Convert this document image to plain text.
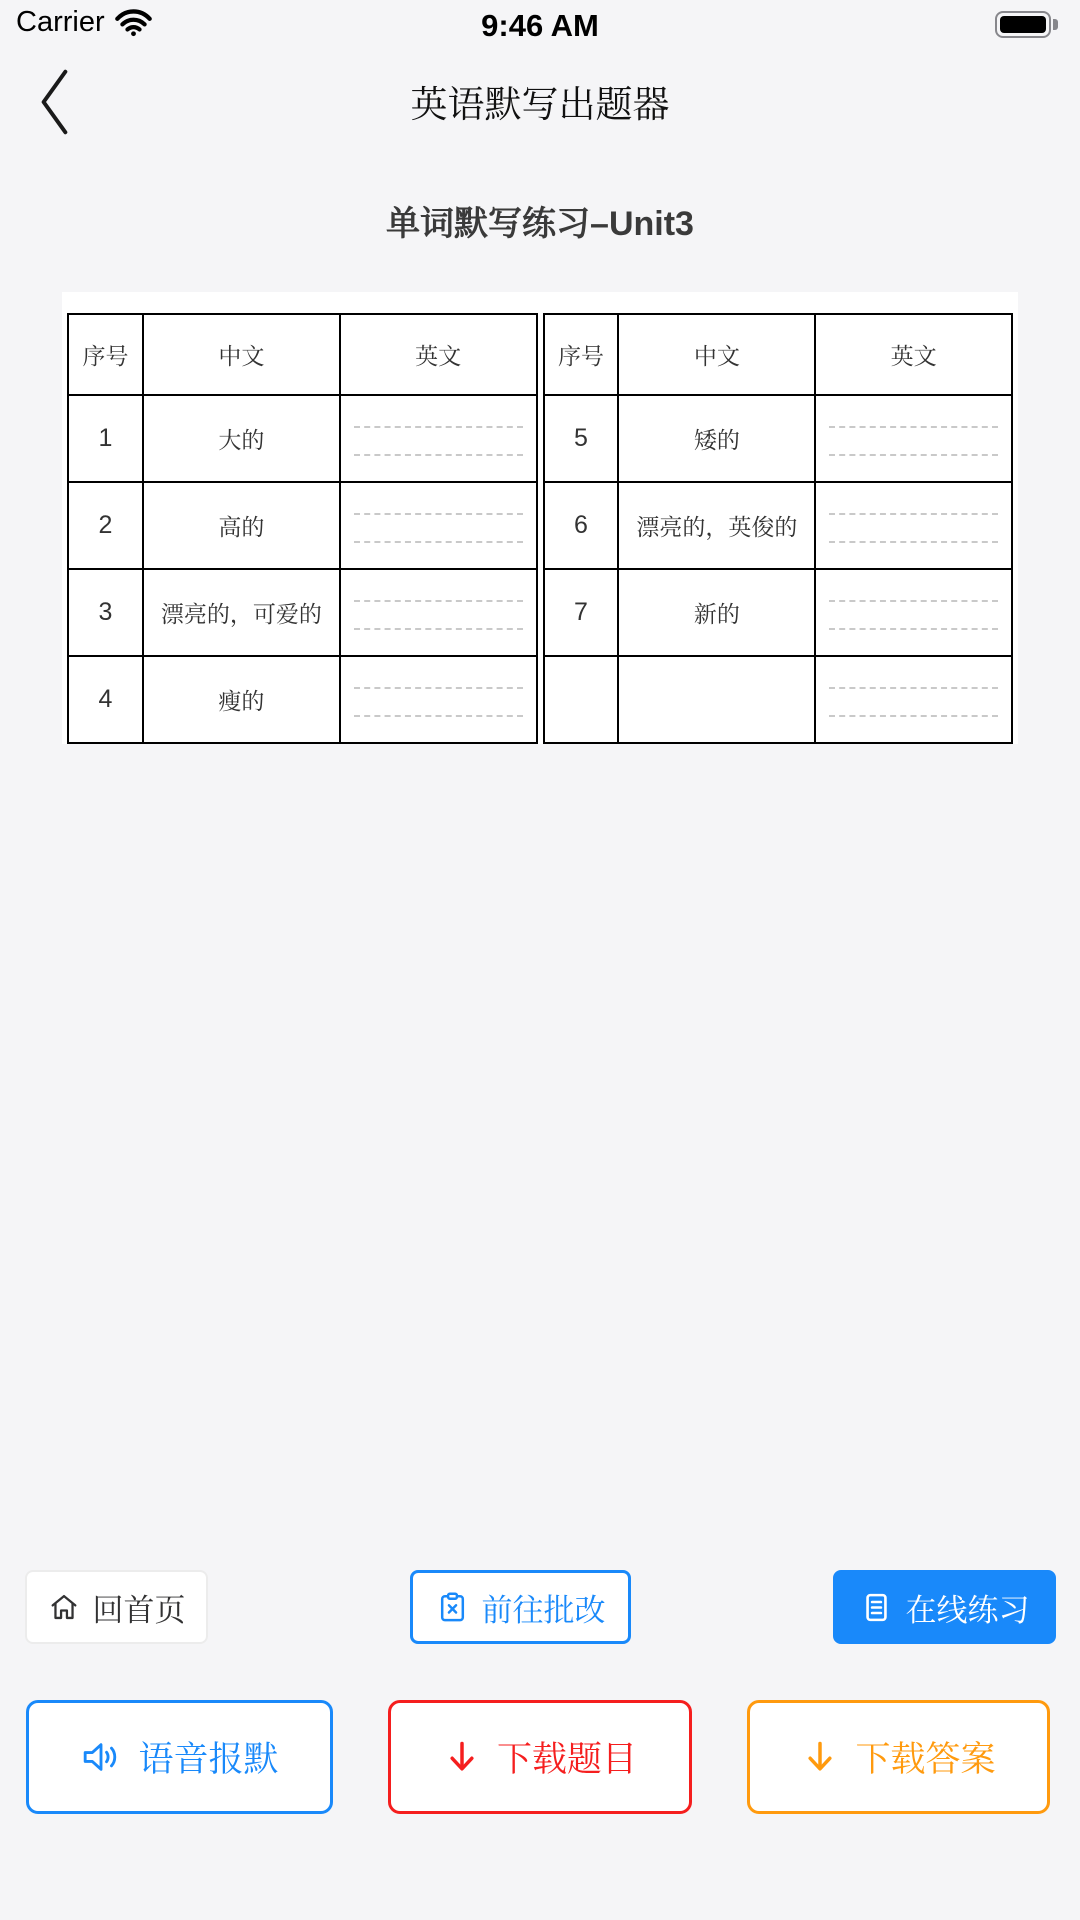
Carrier	9:46 AM
英语默写出题器
单词默写练习–Unit3
序号	中文	英文
1	大的	

2	高的	

3	漂亮的，可爱的	

4	瘦的	
序号	中文	英文
5	矮的	

6	漂亮的，英俊的	

7	新的	

回首页	前往批改	在线练习
语音报默	下载题目	下载答案
